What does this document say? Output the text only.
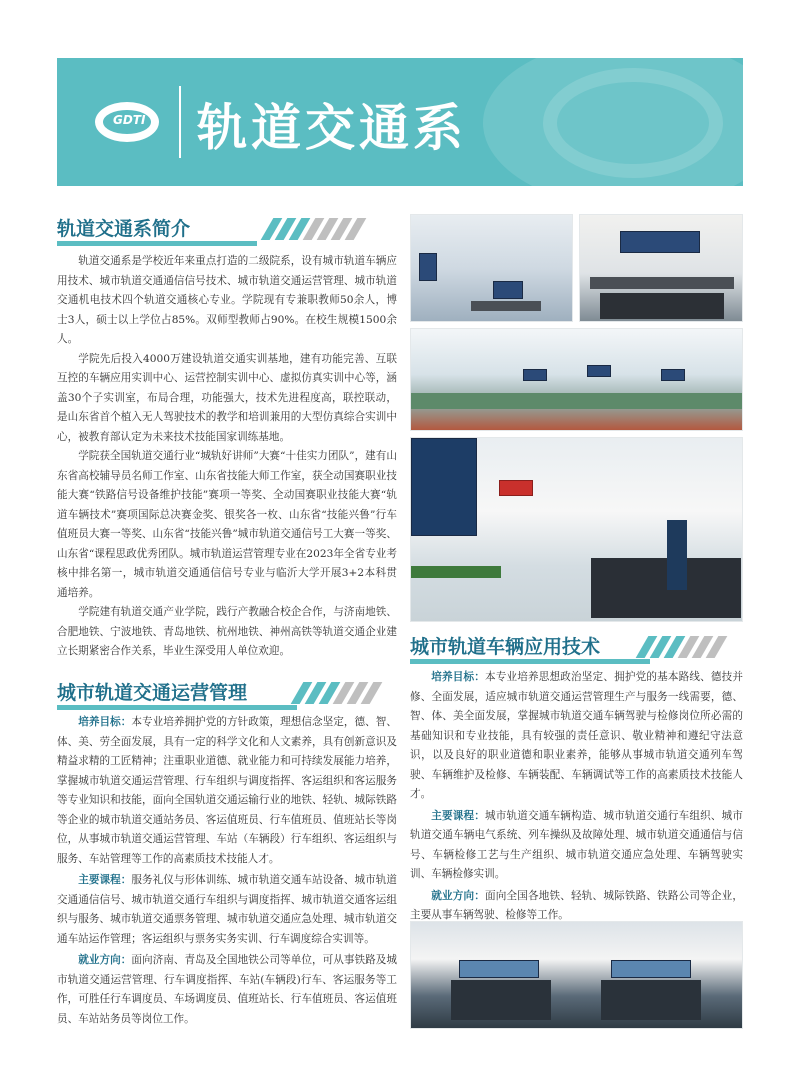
GDTI 轨道交通系
轨道交通系简介

轨道交通系是学校近年来重点打造的二级院系，设有城市轨道车辆应用技术、城市轨道交通通信信号技术、城市轨道交通运营管理、城市轨道交通机电技术四个轨道交通核心专业。学院现有专兼职教师50余人，博士3人，硕士以上学位占85%。双师型教师占90%。在校生规模1500余人。

学院先后投入4000万建设轨道交通实训基地，建有功能完善、互联互控的车辆应用实训中心、运营控制实训中心、虚拟仿真实训中心等，涵盖30个子实训室，布局合理，功能强大，技术先进程度高，联控联动，是山东省首个植入无人驾驶技术的教学和培训兼用的大型仿真综合实训中心，被教育部认定为未来技术技能国家训练基地。

学院获全国轨道交通行业“城轨好讲师”大赛“十佳实力团队”，建有山东省高校辅导员名师工作室、山东省技能大师工作室，获全动国赛职业技能大赛“铁路信号设备维护技能”赛项一等奖、全动国赛职业技能大赛“轨道车辆技术”赛项国际总决赛金奖、银奖各一枚、山东省“技能兴鲁”行车值班员大赛一等奖、山东省“技能兴鲁”城市轨道交通信号工大赛一等奖、山东省“课程思政优秀团队。城市轨道运营管理专业在2023年全省专业考核中排名第一，城市轨道交通通信信号专业与临沂大学开展3+2本科贯通培养。

学院建有轨道交通产业学院，践行产教融合校企合作，与济南地铁、合肥地铁、宁波地铁、青岛地铁、杭州地铁、神州高铁等轨道交通企业建立长期紧密合作关系，毕业生深受用人单位欢迎。	城市轨道车辆应用技术

培养目标：本专业培养思想政治坚定、拥护党的基本路线、德技并修、全面发展，适应城市轨道交通运营管理生产与服务一线需要，德、智、体、美全面发展，掌握城市轨道交通车辆驾驶与检修岗位所必需的基础知识和专业技能，具有较强的责任意识、敬业精神和遵纪守法意识，以及良好的职业道德和职业素养，能够从事城市轨道交通列车驾驶、车辆维护及检修、车辆装配、车辆调试等工作的高素质技术技能人才。

主要课程：城市轨道交通车辆构造、城市轨道交通行车组织、城市轨道交通车辆电气系统、列车操纵及故障处理、城市轨道交通通信与信号、车辆检修工艺与生产组织、城市轨道交通应急处理、车辆驾驶实训、车辆检修实训。

就业方向：面向全国各地铁、轻轨、城际铁路、铁路公司等企业，主要从事车辆驾驶、检修等工作。

城市轨道交通运营管理

培养目标：本专业培养拥护党的方针政策，理想信念坚定，德、智、体、美、劳全面发展，具有一定的科学文化和人文素养，具有创新意识及精益求精的工匠精神；注重职业道德、就业能力和可持续发展能力培养，掌握城市轨道交通运营管理、行车组织与调度指挥、客运组织和客运服务等专业知识和技能，面向全国轨道交通运输行业的地铁、轻轨、城际铁路等企业的城市轨道交通站务员、客运值班员、行车值班员、值班站长等岗位，从事城市轨道交通运营管理、车站（车辆段）行车组织、客运组织与服务、车站管理等工作的高素质技术技能人才。

主要课程：服务礼仪与形体训练、城市轨道交通车站设备、城市轨道交通通信信号、城市轨道交通行车组织与调度指挥、城市轨道交通客运组织与服务、城市轨道交通票务管理、城市轨道交通应急处理、城市轨道交通车站运作管理；客运组织与票务实务实训、行车调度综合实训等。

就业方向：面向济南、青岛及全国地铁公司等单位，可从事铁路及城市轨道交通运营管理、行车调度指挥、车站(车辆段)行车、客运服务等工作，可胜任行车调度员、车场调度员、值班站长、行车值班员、客运值班员、车站站务员等岗位工作。
